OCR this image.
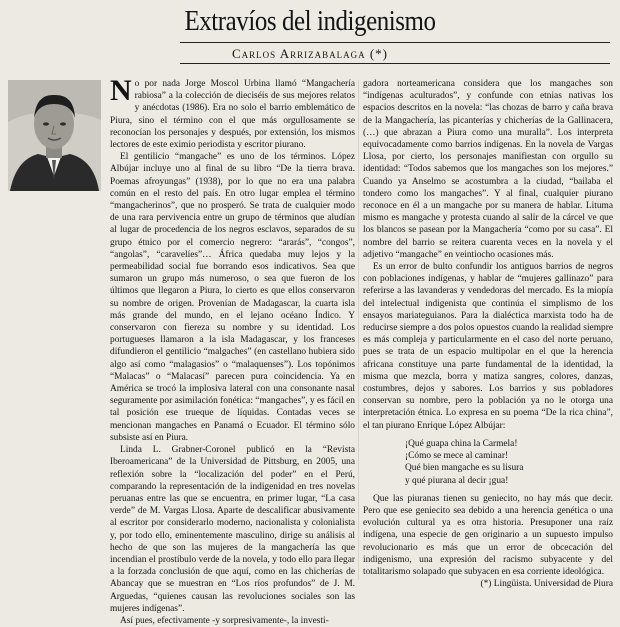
Extravíos del indigenismo
Carlos Arrizabalaga (*)

No por nada Jorge Moscol Urbina llamó “Mangachería rabiosa” a la colección de dieciséis de sus mejores relatos y anécdotas (1986). Era no solo el barrio emblemático de Piura, sino el término con el que más orgullosamente se reconocían los personajes y después, por extensión, los mismos lectores de este eximio periodista y escritor piurano.

El gentilicio “mangache” es uno de los términos. López Albújar incluye uno al final de su libro “De la tierra brava. Poemas afroyungas” (1938), por lo que no era una palabra común en el resto del país. En otro lugar emplea el término “mangacherinos”, que no prosperó. Se trata de cualquier modo de una rara pervivencia entre un grupo de términos que aludían al lugar de procedencia de los negros esclavos, separados de su grupo étnico por el comercio negrero: “ararás”, “congos”, “angolas”, “caravelíes”… África quedaba muy lejos y la permeabilidad social fue borrando esos indicativos. Sea que sumaron un grupo más numeroso, o sea que fueron de los últimos que llegaron a Piura, lo cierto es que ellos conservaron su nombre de origen. Provenían de Madagascar, la cuarta isla más grande del mundo, en el lejano océano Índico. Y conservaron con fiereza su nombre y su identidad. Los portugueses llamaron a la isla Madagascar, y los franceses difundieron el gentilicio “malgaches” (en castellano hubiera sido algo así como “malagasios” o “malaquenses”). Los topónimos “Malacas” o “Malacasí” parecen pura coincidencia. Ya en América se trocó la implosiva lateral con una consonante nasal seguramente por asimilación fonética: “mangaches”, y es fácil en tal posición ese trueque de líquidas. Contadas veces se mencionan mangaches en Panamá o Ecuador. El término sólo subsiste así en Piura.

Linda L. Grabner-Coronel publicó en la “Revista Iberoamericana” de la Universidad de Pittsburg, en 2005, una reflexión sobre la “localización del poder” en el Perú, comparando la representación de la indigenidad en tres novelas peruanas entre las que se encuentra, en primer lugar, “La casa verde” de M. Vargas Llosa. Aparte de descalificar abusivamente al escritor por considerarlo moderno, nacionalista y colonialista y, por todo ello, eminentemente masculino, dirige su análisis al hecho de que son las mujeres de la mangachería las que incendian el prostíbulo verde de la novela, y todo ello para llegar a la forzada conclusión de que aquí, como en las chicherías de Abancay que se muestran en “Los ríos profundos” de J. M. Arguedas, “quienes causan las revoluciones sociales son las mujeres indígenas”.

Así pues, efectivamente -y sorpresivamente-, la investi-

gadora norteamericana considera que los mangaches son “indígenas aculturados”, y confunde con etnias nativas los espacios descritos en la novela: “las chozas de barro y caña brava de la Mangachería, las picanterías y chicherías de la Gallinacera, (…) que abrazan a Piura como una muralla”. Los interpreta equivocadamente como barrios indígenas. En la novela de Vargas Llosa, por cierto, los personajes manifiestan con orgullo su identidad: “Todos sabemos que los mangaches son los mejores.” Cuando ya Anselmo se acostumbra a la ciudad, “bailaba el tondero como los mangaches”. Y al final, cualquier piurano reconoce en él a un mangache por su manera de hablar. Lituma mismo es mangache y protesta cuando al salir de la cárcel ve que los blancos se pasean por la Mangachería “como por su casa”. El nombre del barrio se reitera cuarenta veces en la novela y el adjetivo “mangache” en veintiocho ocasiones más.

Es un error de bulto confundir los antiguos barrios de negros con poblaciones indígenas, y hablar de “mujeres gallinazo” para referirse a las lavanderas y vendedoras del mercado. Es la miopía del intelectual indigenista que continúa el simplismo de los ensayos mariateguianos. Para la dialéctica marxista todo ha de reducirse siempre a dos polos opuestos cuando la realidad siempre es más compleja y particularmente en el caso del norte peruano, pues se trata de un espacio multipolar en el que la herencia africana constituye una parte fundamental de la identidad, la misma que mezcla, borra y matiza sangres, colores, danzas, costumbres, dejos y sabores. Los barrios y sus pobladores conservan su nombre, pero la población ya no le otorga una interpretación étnica. Lo expresa en su poema “De la rica china”, el tan piurano Enrique López Albújar:

¡Qué guapa china la Carmela!
¡Cómo se mece al caminar!
Qué bien mangache es su lisura
y qué piurana al decir ¡gua!

Que las piuranas tienen su geniecito, no hay más que decir. Pero que ese geniecito sea debido a una herencia genética o una evolución cultural ya es otra historia. Presuponer una raíz indígena, una especie de gen originario a un supuesto impulso revolucionario es más que un error de obcecación del indigenismo, una expresión del racismo subyacente y del totalitarismo solapado que subyacen en esa corriente ideológica.

(*) Lingüista. Universidad de Piura
